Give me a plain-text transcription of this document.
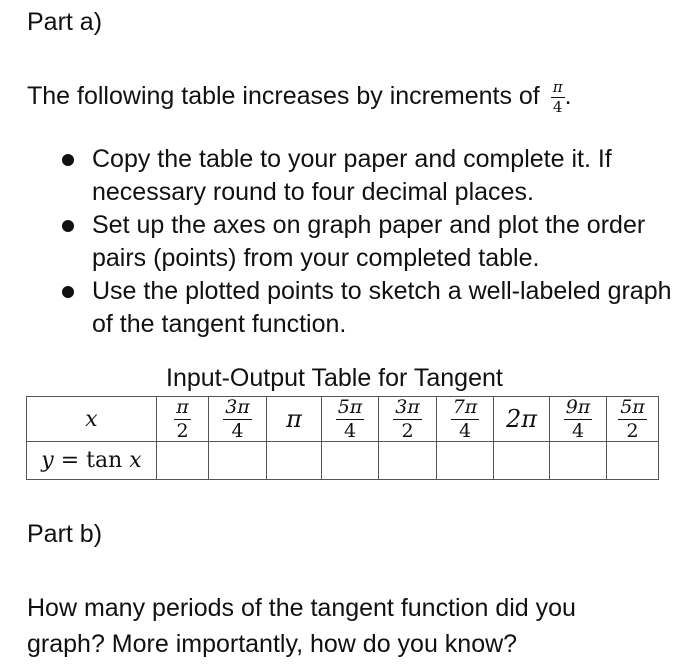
Part a)
The following table increases by increments of $\frac{\pi}{4}$ .
Copy the table to your paper and complete it. If necessary round to four decimal places.
Set up the axes on graph paper and plot the order pairs (points) from your completed table.
Use the plotted points to sketch a well-labeled graph of the tangent function.
Input-Output Table for Tangent
x	$\frac{\pi}{2}$	$\frac{3\pi}{4}$	π	$\frac{5\pi}{4}$	$\frac{3\pi}{2}$	$\frac{7\pi}{4}$	2π	$\frac{9\pi}{4}$	$\frac{5\pi}{2}$

y = tan x									
Part b)
How many periods of the tangent function did you graph? More importantly, how do you know?
